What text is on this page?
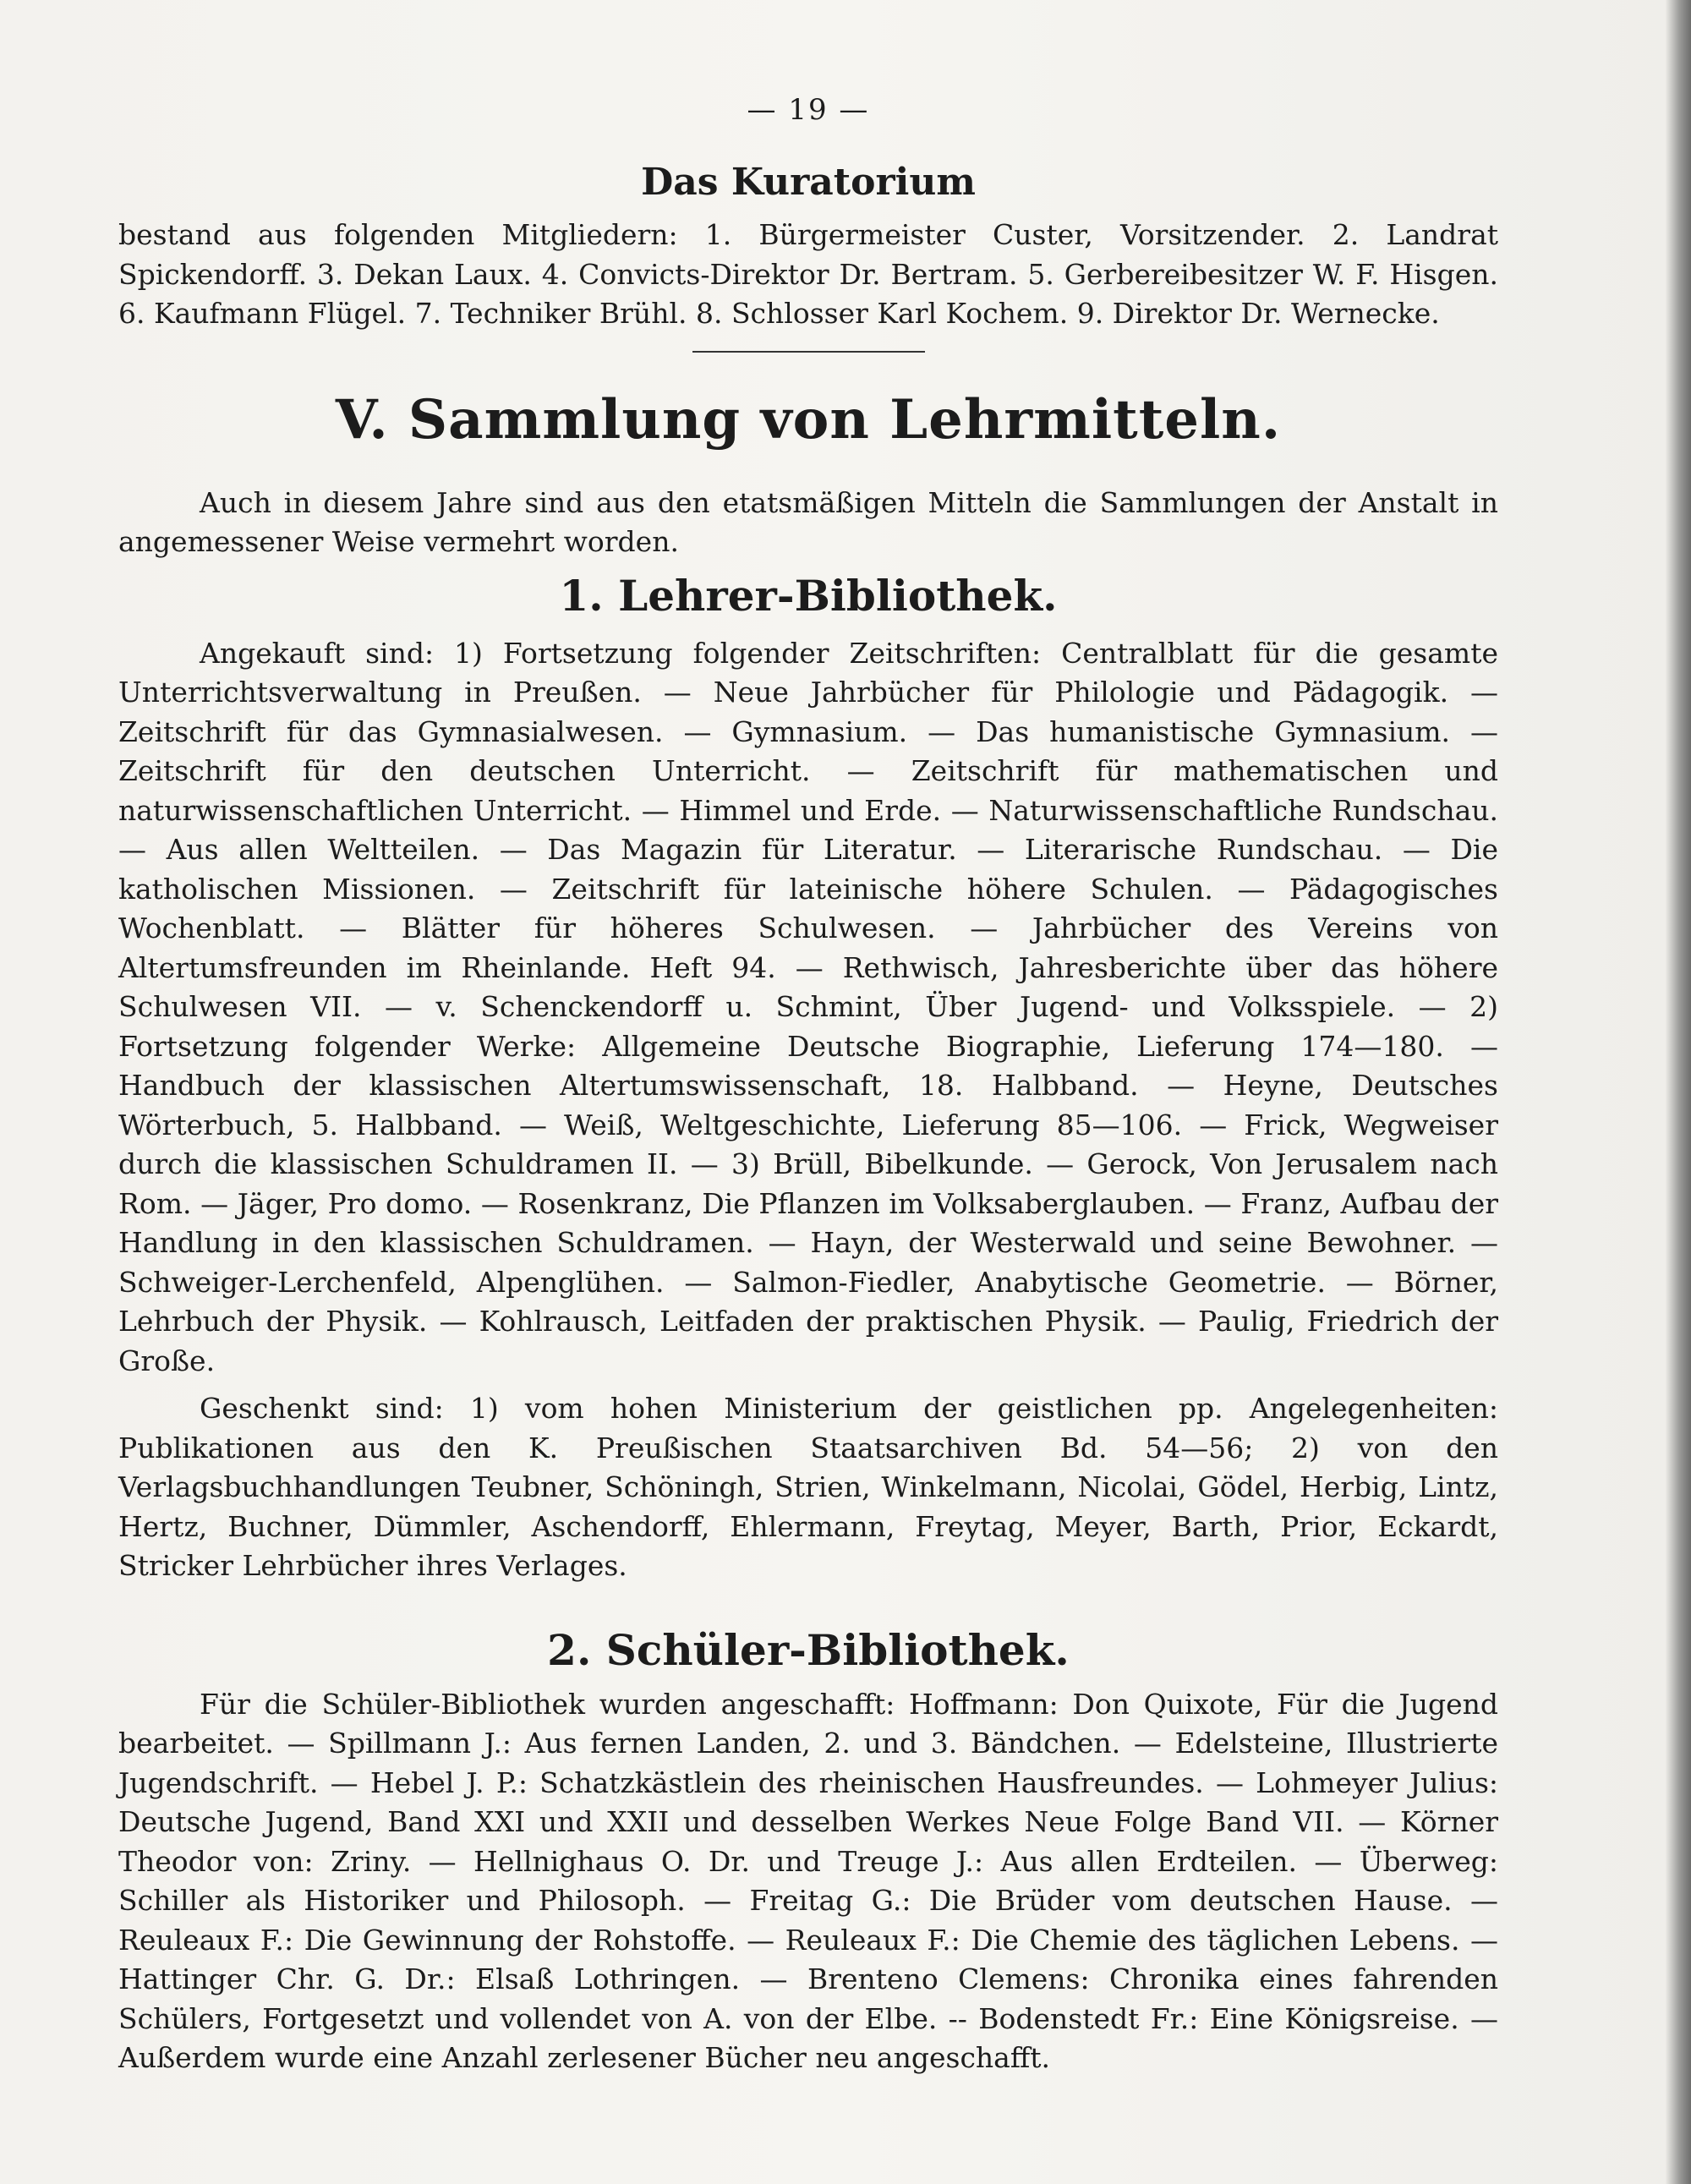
— 19 —
Das Kuratorium

bestand aus folgenden Mitgliedern: 1. Bürgermeister Custer, Vorsitzender. 2. Landrat Spickendorff. 3. Dekan Laux. 4. Convicts-Direktor Dr. Bertram. 5. Gerbereibesitzer W. F. Hisgen. 6. Kaufmann Flügel. 7. Techniker Brühl. 8. Schlosser Karl Kochem. 9. Direktor Dr. Wernecke.

V. Sammlung von Lehrmitteln.

Auch in diesem Jahre sind aus den etatsmäßigen Mitteln die Sammlungen der Anstalt in angemessener Weise vermehrt worden.

1. Lehrer-Bibliothek.

Angekauft sind: 1) Fortsetzung folgender Zeitschriften: Centralblatt für die gesamte Unterrichtsverwaltung in Preußen. — Neue Jahrbücher für Philologie und Pädagogik. — Zeitschrift für das Gymnasialwesen. — Gymnasium. — Das humanistische Gymnasium. — Zeitschrift für den deutschen Unterricht. — Zeitschrift für mathematischen und naturwissenschaftlichen Unterricht. — Himmel und Erde. — Naturwissenschaftliche Rundschau. — Aus allen Weltteilen. — Das Magazin für Literatur. — Literarische Rundschau. — Die katholischen Missionen. — Zeitschrift für lateinische höhere Schulen. — Pädagogisches Wochenblatt. — Blätter für höheres Schulwesen. — Jahrbücher des Vereins von Altertumsfreunden im Rheinlande. Heft 94. — Rethwisch, Jahresberichte über das höhere Schulwesen VII. — v. Schenckendorff u. Schmint, Über Jugend- und Volksspiele. — 2) Fortsetzung folgender Werke: Allgemeine Deutsche Biographie, Lieferung 174—180. — Handbuch der klassischen Altertumswissenschaft, 18. Halbband. — Heyne, Deutsches Wörterbuch, 5. Halbband. — Weiß, Weltgeschichte, Lieferung 85—106. — Frick, Wegweiser durch die klassischen Schuldramen II. — 3) Brüll, Bibelkunde. — Gerock, Von Jerusalem nach Rom. — Jäger, Pro domo. — Rosenkranz, Die Pflanzen im Volksaberglauben. — Franz, Aufbau der Handlung in den klassischen Schuldramen. — Hayn, der Westerwald und seine Bewohner. — Schweiger-Lerchenfeld, Alpenglühen. — Salmon-Fiedler, Anabytische Geometrie. — Börner, Lehrbuch der Physik. — Kohlrausch, Leitfaden der praktischen Physik. — Paulig, Friedrich der Große.

Geschenkt sind: 1) vom hohen Ministerium der geistlichen pp. Angelegenheiten: Publikationen aus den K. Preußischen Staatsarchiven Bd. 54—56; 2) von den Verlagsbuchhandlungen Teubner, Schöningh, Strien, Winkelmann, Nicolai, Gödel, Herbig, Lintz, Hertz, Buchner, Dümmler, Aschendorff, Ehlermann, Freytag, Meyer, Barth, Prior, Eckardt, Stricker Lehrbücher ihres Verlages.

2. Schüler-Bibliothek.

Für die Schüler-Bibliothek wurden angeschafft: Hoffmann: Don Quixote, Für die Jugend bearbeitet. — Spillmann J.: Aus fernen Landen, 2. und 3. Bändchen. — Edelsteine, Illustrierte Jugendschrift. — Hebel J. P.: Schatzkästlein des rheinischen Hausfreundes. — Lohmeyer Julius: Deutsche Jugend, Band XXI und XXII und desselben Werkes Neue Folge Band VII. — Körner Theodor von: Zriny. — Hellnighaus O. Dr. und Treuge J.: Aus allen Erdteilen. — Überweg: Schiller als Historiker und Philosoph. — Freitag G.: Die Brüder vom deutschen Hause. — Reuleaux F.: Die Gewinnung der Rohstoffe. — Reuleaux F.: Die Chemie des täglichen Lebens. — Hattinger Chr. G. Dr.: Elsaß Lothringen. — Brenteno Clemens: Chronika eines fahrenden Schülers, Fortgesetzt und vollendet von A. von der Elbe. -- Bodenstedt Fr.: Eine Königsreise. — Außerdem wurde eine Anzahl zerlesener Bücher neu angeschafft.
